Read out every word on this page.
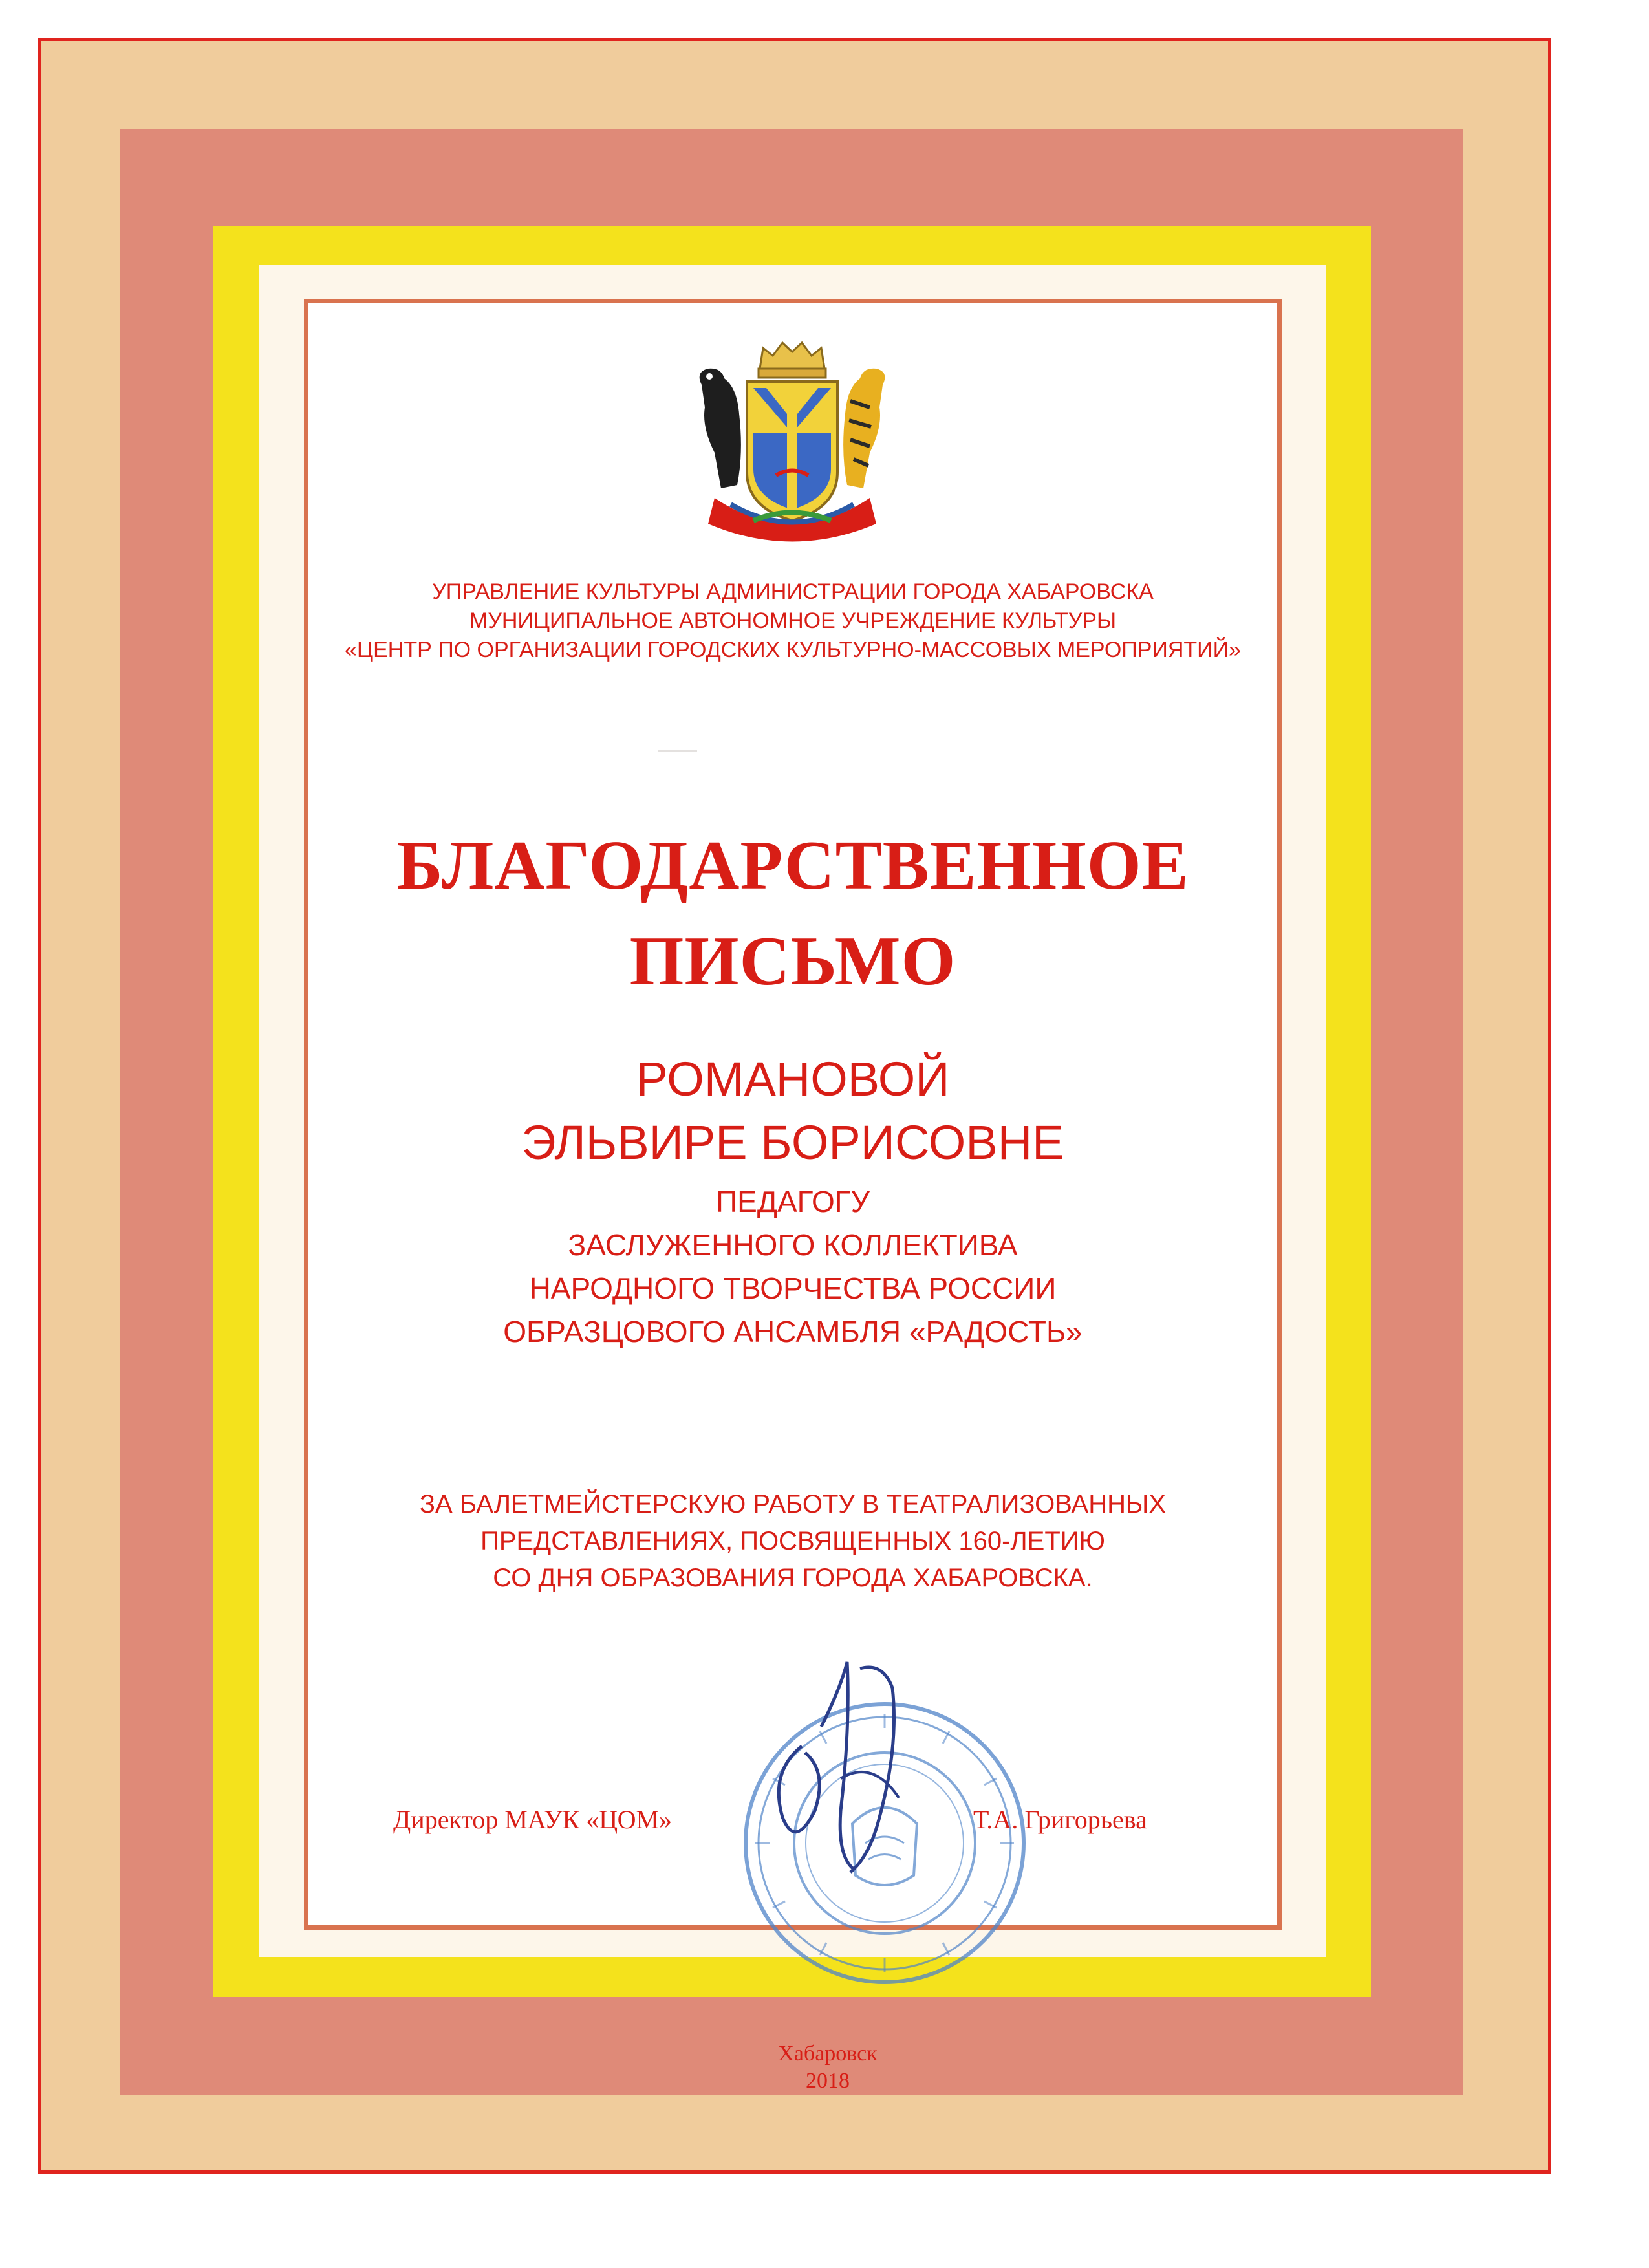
УПРАВЛЕНИЕ КУЛЬТУРЫ АДМИНИСТРАЦИИ ГОРОДА ХАБАРОВСКА
МУНИЦИПАЛЬНОЕ АВТОНОМНОЕ УЧРЕЖДЕНИЕ КУЛЬТУРЫ
«ЦЕНТР ПО ОРГАНИЗАЦИИ ГОРОДСКИХ КУЛЬТУРНО-МАССОВЫХ МЕРОПРИЯТИЙ»
БЛАГОДАРСТВЕННОЕ
ПИСЬМО
РОМАНОВОЙ
ЭЛЬВИРЕ БОРИСОВНЕ
ПЕДАГОГУ
ЗАСЛУЖЕННОГО КОЛЛЕКТИВА
НАРОДНОГО ТВОРЧЕСТВА РОССИИ
ОБРАЗЦОВОГО АНСАМБЛЯ «РАДОСТЬ»
ЗА БАЛЕТМЕЙСТЕРСКУЮ РАБОТУ В ТЕАТРАЛИЗОВАННЫХ
ПРЕДСТАВЛЕНИЯХ, ПОСВЯЩЕННЫХ 160-ЛЕТИЮ
СО ДНЯ ОБРАЗОВАНИЯ ГОРОДА ХАБАРОВСКА.
Директор МАУК «ЦОМ»	Т.А. Григорьева
Хабаровск
2018
